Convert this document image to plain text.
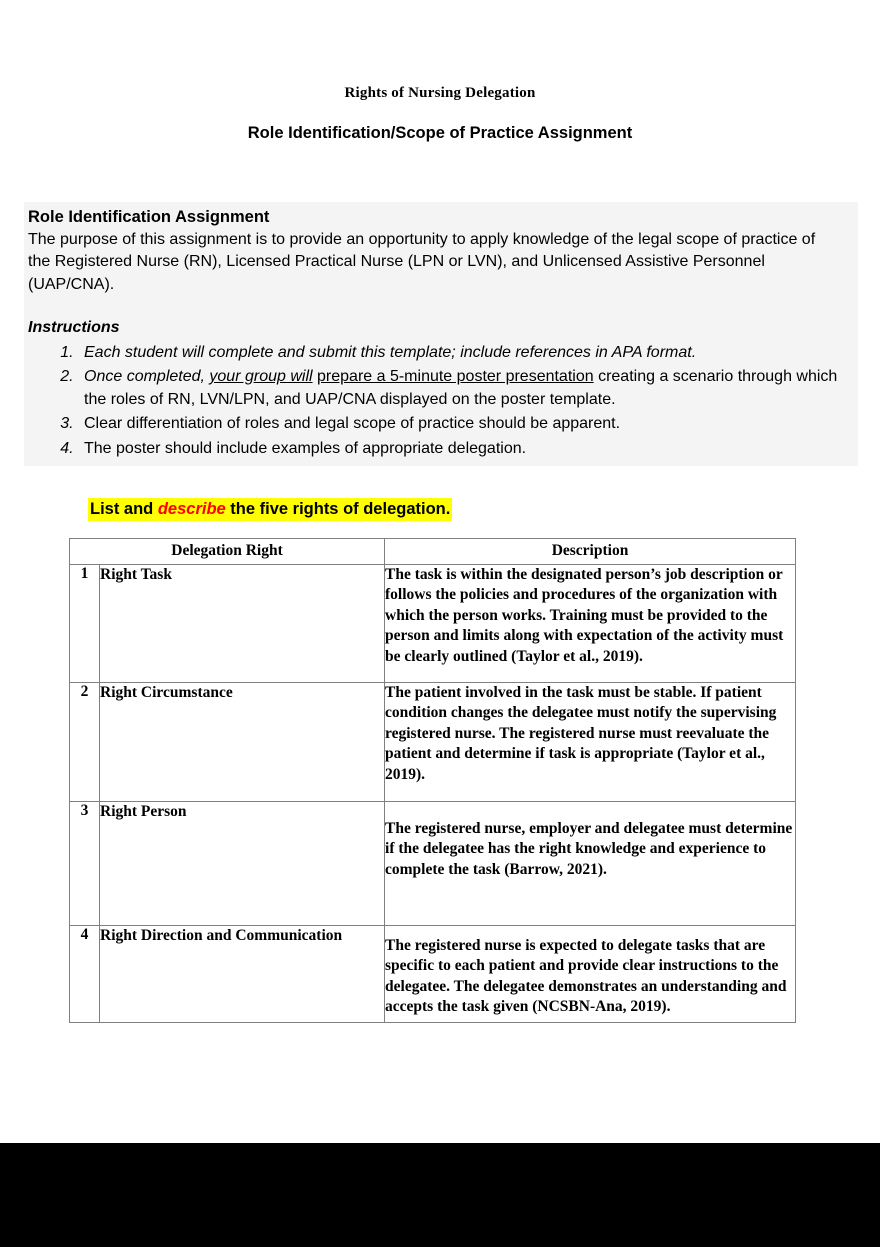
Rights of Nursing Delegation
Role Identification/Scope of Practice Assignment

Role Identification Assignment

The purpose of this assignment is to provide an opportunity to apply knowledge of the legal scope of practice of the Registered Nurse (RN), Licensed Practical Nurse (LPN or LVN), and Unlicensed Assistive Personnel (UAP/CNA).

Instructions

1. Each student will complete and submit this template; include references in APA format.
2. Once completed, your group will prepare a 5-minute poster presentation creating a scenario through which the roles of RN, LVN/LPN, and UAP/CNA displayed on the poster template.
3. Clear differentiation of roles and legal scope of practice should be apparent.
4. The poster should include examples of appropriate delegation.
List and describe the five rights of delegation.
Delegation Right		Description
1	Right Task	The task is within the designated person’s job description or follows the policies and procedures of the organization with which the person works. Training must be provided to the person and limits along with expectation of the activity must be clearly outlined (Taylor et al., 2019).
2	Right Circumstance	The patient involved in the task must be stable. If patient condition changes the delegatee must notify the supervising registered nurse. The registered nurse must reevaluate the patient and determine if task is appropriate (Taylor et al., 2019).
3	Right Person	The registered nurse, employer and delegatee must determine if the delegatee has the right knowledge and experience to complete the task (Barrow, 2021).
4	Right Direction and Communication	The registered nurse is expected to delegate tasks that are specific to each patient and provide clear instructions to the delegatee. The delegatee demonstrates an understanding and accepts the task given (NCSBN-Ana, 2019).
